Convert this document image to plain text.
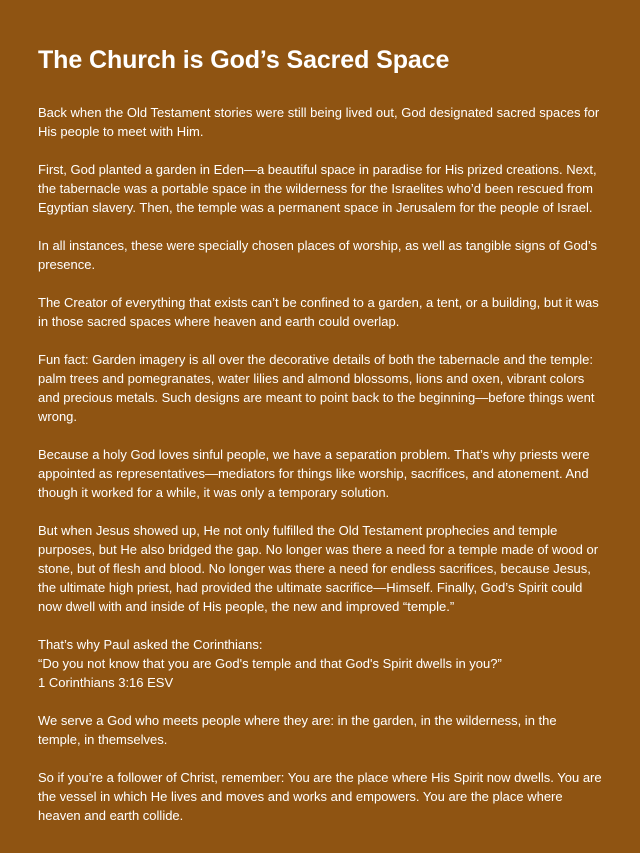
The Church is God’s Sacred Space

Back when the Old Testament stories were still being lived out, God designated sacred spaces for His people to meet with Him.

First, God planted a garden in Eden—a beautiful space in paradise for His prized creations. Next, the tabernacle was a portable space in the wilderness for the Israelites who’d been rescued from Egyptian slavery. Then, the temple was a permanent space in Jerusalem for the people of Israel.

In all instances, these were specially chosen places of worship, as well as tangible signs of God’s presence.

The Creator of everything that exists can’t be confined to a garden, a tent, or a building, but it was in those sacred spaces where heaven and earth could overlap.

Fun fact: Garden imagery is all over the decorative details of both the tabernacle and the temple: palm trees and pomegranates, water lilies and almond blossoms, lions and oxen, vibrant colors and precious metals. Such designs are meant to point back to the beginning—before things went wrong.

Because a holy God loves sinful people, we have a separation problem. That’s why priests were appointed as representatives—mediators for things like worship, sacrifices, and atonement. And though it worked for a while, it was only a temporary solution.

But when Jesus showed up, He not only fulfilled the Old Testament prophecies and temple purposes, but He also bridged the gap. No longer was there a need for a temple made of wood or stone, but of flesh and blood. No longer was there a need for endless sacrifices, because Jesus, the ultimate high priest, had provided the ultimate sacrifice—Himself. Finally, God’s Spirit could now dwell with and inside of His people, the new and improved “temple.”

That’s why Paul asked the Corinthians:
“Do you not know that you are God's temple and that God's Spirit dwells in you?”
1 Corinthians 3:16 ESV

We serve a God who meets people where they are: in the garden, in the wilderness, in the temple, in themselves.

So if you’re a follower of Christ, remember: You are the place where His Spirit now dwells. You are the vessel in which He lives and moves and works and empowers. You are the place where heaven and earth collide.
